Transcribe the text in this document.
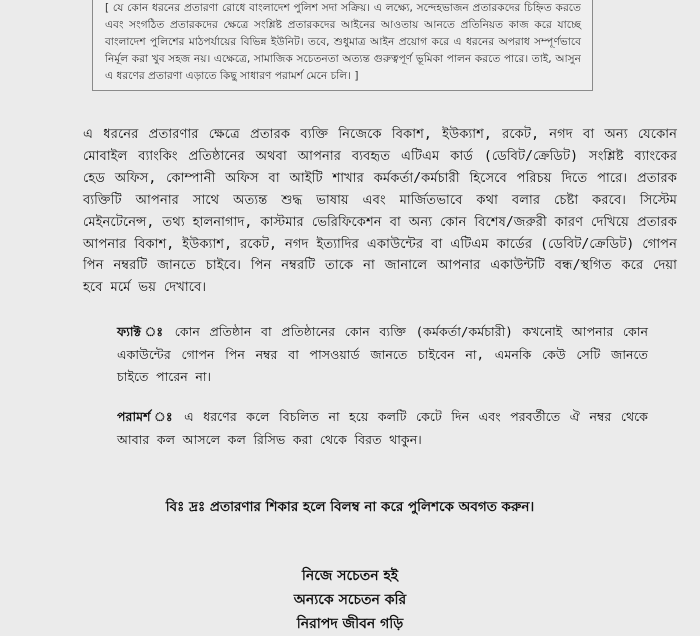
[ যে কোন ধরনের প্রতারণা রোধে বাংলাদেশ পুলিশ সদা সক্রিয়। এ লক্ষ্যে, সন্দেহভাজন প্রতারকদের চিহ্নিত করতে এবং সংগঠিত প্রতারকদের ক্ষেত্রে সংশ্লিষ্ট প্রতারকদের আইনের আওতায় আনতে প্রতিনিয়ত কাজ করে যাচ্ছে বাংলাদেশ পুলিশের মাঠপর্যায়ের বিভিন্ন ইউনিট। তবে, শুধুমাত্র আইন প্রয়োগ করে এ ধরনের অপরাধ সম্পূর্ণভাবে নির্মূল করা খুব সহজ নয়। এক্ষেত্রে, সামাজিক সচেতনতা অত্যন্ত গুরুত্বপূর্ণ ভূমিকা পালন করতে পারে। তাই, আসুন এ ধরণের প্রতারণা এড়াতে কিছু সাধারণ পরামর্শ মেনে চলি। ]

এ ধরনের প্রতারণার ক্ষেত্রে প্রতারক ব্যক্তি নিজেকে বিকাশ, ইউক্যাশ, রকেট, নগদ বা অন্য যেকোন মোবাইল ব্যাংকিং প্রতিষ্ঠানের অথবা আপনার ব্যবহৃত এটিএম কার্ড (ডেবিট/ক্রেডিট) সংশ্লিষ্ট ব্যাংকের হেড অফিস, কোম্পানী অফিস বা আইটি শাখার কর্মকর্তা/কর্মচারী হিসেবে পরিচয় দিতে পারে। প্রতারক ব্যক্তিটি আপনার সাথে অত্যন্ত শুদ্ধ ভাষায় এবং মার্জিতভাবে কথা বলার চেষ্টা করবে। সিস্টেম মেইনটেনেন্স, তথ্য হালনাগাদ, কাস্টমার ভেরিফিকেশন বা অন্য কোন বিশেষ/জরুরী কারণ দেখিয়ে প্রতারক আপনার বিকাশ, ইউক্যাশ, রকেট, নগদ ইত্যাদির একাউন্টের বা এটিএম কার্ডের (ডেবিট/ক্রেডিট) গোপন পিন নম্বরটি জানতে চাইবে। পিন নম্বরটি তাকে না জানালে আপনার একাউন্টটি বন্ধ/স্থগিত করে দেয়া হবে মর্মে ভয় দেখাবে।

ফ্যাক্ট ঃ কোন প্রতিষ্ঠান বা প্রতিষ্ঠানের কোন ব্যক্তি (কর্মকর্তা/কর্মচারী) কখনোই আপনার কোন একাউন্টের গোপন পিন নম্বর বা পাসওয়ার্ড জানতে চাইবেন না, এমনকি কেউ সেটি জানতে চাইতে পারেন না।

পরামর্শ ঃ এ ধরণের কলে বিচলিত না হয়ে কলটি কেটে দিন এবং পরবর্তীতে ঐ নম্বর থেকে আবার কল আসলে কল রিসিভ করা থেকে বিরত থাকুন।

বিঃ দ্রঃ প্রতারণার শিকার হলে বিলম্ব না করে পুলিশকে অবগত করুন।
নিজে সচেতন হই
অন্যকে সচেতন করি
নিরাপদ জীবন গড়ি
